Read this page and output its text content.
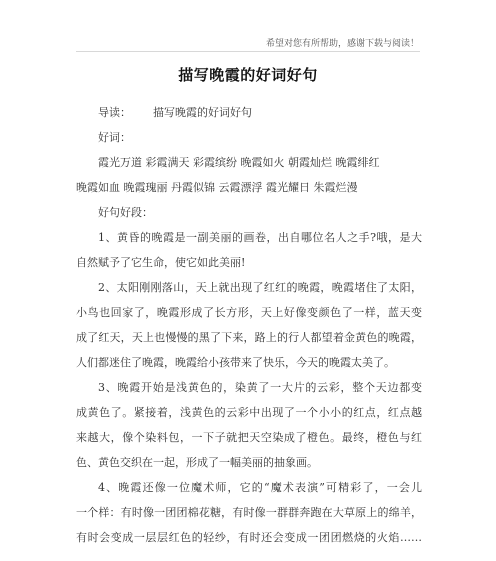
希望对您有所帮助，感谢下载与阅读！
描写晚霞的好词好句
导读： 描写晚霞的好词好句
好词：
霞光万道 彩霞满天 彩霞缤纷 晚霞如火 朝霞灿烂 晚霞绯红
晚霞如血 晚霞瑰丽 丹霞似锦 云霞漂浮 霞光耀日 朱霞烂漫
好句好段：
1、黄昏的晚霞是一副美丽的画卷，出自哪位名人之手?哦，是大
自然赋予了它生命，使它如此美丽!
2、太阳刚刚落山，天上就出现了红红的晚霞，晚霞堵住了太阳，
小鸟也回家了，晚霞形成了长方形，天上好像变颜色了一样，蓝天变
成了红天，天上也慢慢的黑了下来，路上的行人都望着金黄色的晚霞，
人们都迷住了晚霞，晚霞给小孩带来了快乐，今天的晚霞太美了。
3、晚霞开始是浅黄色的，染黄了一大片的云彩，整个天边都变
成黄色了。紧接着，浅黄色的云彩中出现了一个小小的红点，红点越
来越大，像个染料包，一下子就把天空染成了橙色。最终，橙色与红
色、黄色交织在一起，形成了一幅美丽的抽象画。
4、晚霞还像一位魔术师，它的“魔术表演”可精彩了，一会儿
一个样：有时像一团团棉花糖，有时像一群群奔跑在大草原上的绵羊，
有时会变成一层层红色的轻纱，有时还会变成一团团燃烧的火焰……
